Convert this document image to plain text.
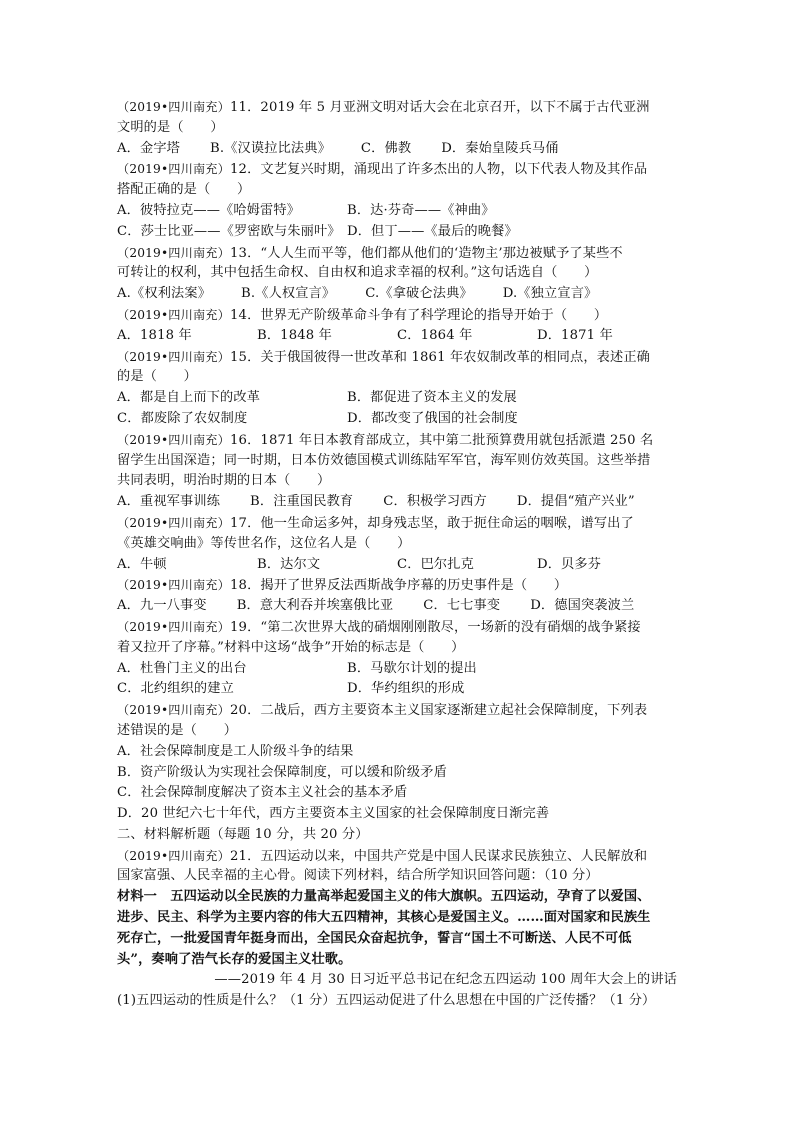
（2019•四川南充）11．2019 年 5 月亚洲文明对话大会在北京召开，以下不属于古代亚洲
文明的是（　　）
A．金字塔 B.《汉谟拉比法典》 C．佛教 D．秦始皇陵兵马俑
（2019•四川南充）12．文艺复兴时期，涌现出了许多杰出的人物，以下代表人物及其作品
搭配正确的是（　　）
A．彼特拉克——《哈姆雷特》	B．达·芬奇——《神曲》
C．莎士比亚——《罗密欧与朱丽叶》 D．但丁——《最后的晚餐》
（2019•四川南充）13．“人人生而平等，他们都从他们的‘造物主’那边被赋予了某些不
可转让的权利，其中包括生命权、自由权和追求幸福的权利。”这句话选自（　　）
A.《权利法案》 B.《人权宣言》 C.《拿破仑法典》 D.《独立宣言》
（2019•四川南充）14．世界无产阶级革命斗争有了科学理论的指导开始于（　　）
A．1818 年	B．1848 年	C．1864 年	D．1871 年
（2019•四川南充）15．关于俄国彼得一世改革和 1861 年农奴制改革的相同点，表述正确
的是（　　）
A．都是自上而下的改革	B．都促进了资本主义的发展
C．都废除了农奴制度	D．都改变了俄国的社会制度
（2019•四川南充）16．1871 年日本教育部成立，其中第二批预算费用就包括派遣 250 名
留学生出国深造；同一时期，日本仿效德国模式训练陆军军官，海军则仿效英国。这些举措
共同表明，明治时期的日本（　　）
A．重视军事训练 B．注重国民教育 C．积极学习西方 D．提倡“殖产兴业”
（2019•四川南充）17．他一生命运多舛，却身残志坚，敢于扼住命运的咽喉，谱写出了
《英雄交响曲》等传世名作，这位名人是（　　）
A．牛顿	B．达尔文	C．巴尔扎克	D．贝多芬
（2019•四川南充）18．揭开了世界反法西斯战争序幕的历史事件是（　　）
A．九一八事变 B．意大利吞并埃塞俄比亚 C．七七事变 D．德国突袭波兰
（2019•四川南充）19．“第二次世界大战的硝烟刚刚散尽，一场新的没有硝烟的战争紧接
着又拉开了序幕。”材料中这场“战争”开始的标志是（　　）
A．杜鲁门主义的出台	B．马歇尔计划的提出
C．北约组织的建立	D．华约组织的形成
（2019•四川南充）20．二战后，西方主要资本主义国家逐渐建立起社会保障制度，下列表
述错误的是（　　）
A．社会保障制度是工人阶级斗争的结果
B．资产阶级认为实现社会保障制度，可以缓和阶级矛盾
C．社会保障制度解决了资本主义社会的基本矛盾
D．20 世纪六七十年代，西方主要资本主义国家的社会保障制度日渐完善
二、材料解析题（每题 10 分，共 20 分）
（2019•四川南充）21．五四运动以来，中国共产党是中国人民谋求民族独立、人民解放和
国家富强、人民幸福的主心骨。阅读下列材料，结合所学知识回答问题：（10 分）
材料一　五四运动以全民族的力量高举起爱国主义的伟大旗帜。五四运动，孕育了以爱国、
进步、民主、科学为主要内容的伟大五四精神，其核心是爱国主义。……面对国家和民族生
死存亡，一批爱国青年挺身而出，全国民众奋起抗争，誓言“国土不可断送、人民不可低
头”，奏响了浩气长存的爱国主义壮歌。
——2019 年 4 月 30 日习近平总书记在纪念五四运动 100 周年大会上的讲话
(1)五四运动的性质是什么？（1 分）五四运动促进了什么思想在中国的广泛传播？（1 分）
